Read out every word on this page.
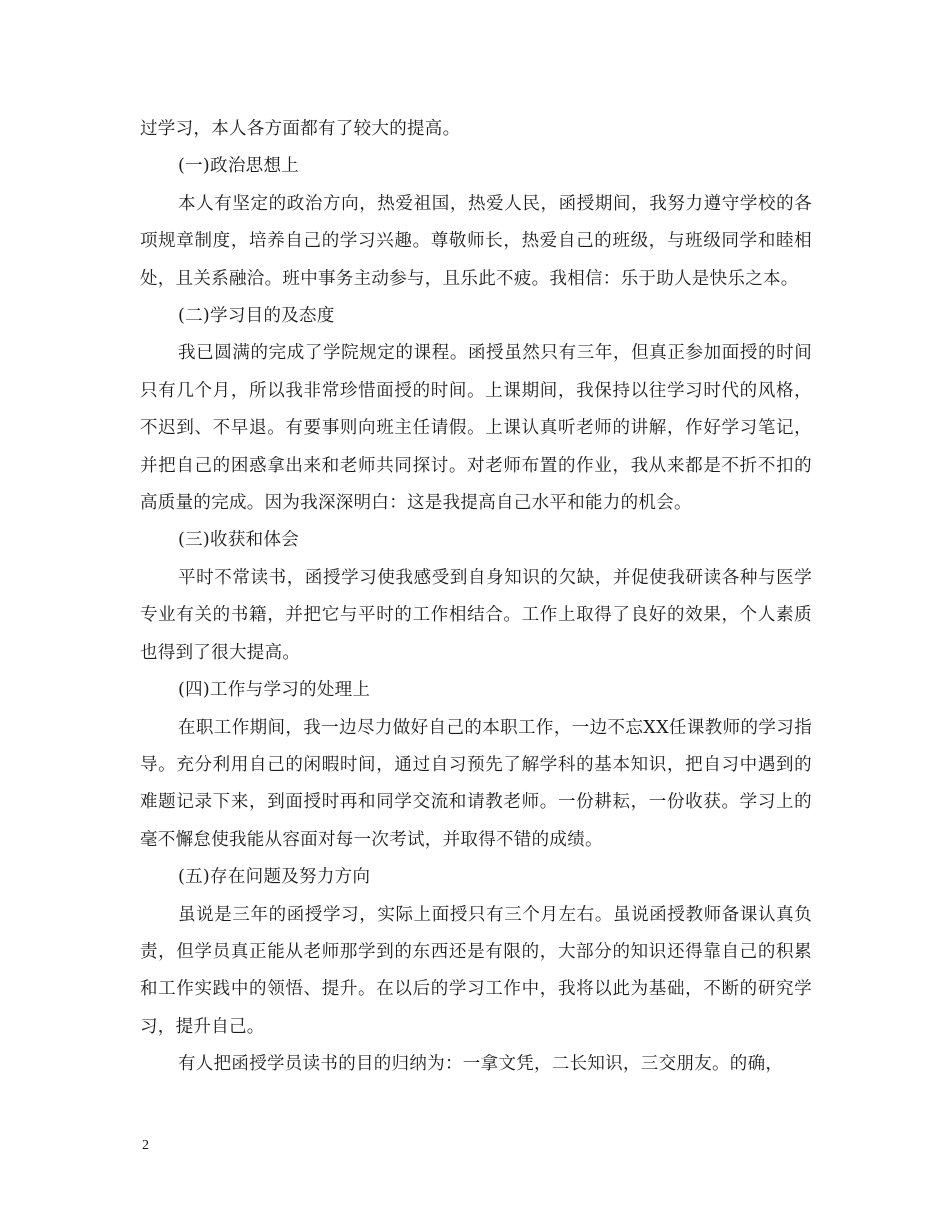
过学习，本人各方面都有了较大的提高。

(一)政治思想上

本人有坚定的政治方向，热爱祖国，热爱人民，函授期间，我努力遵守学校的各项规章制度，培养自己的学习兴趣。尊敬师长，热爱自己的班级，与班级同学和睦相处，且关系融洽。班中事务主动参与，且乐此不疲。我相信：乐于助人是快乐之本。

(二)学习目的及态度

我已圆满的完成了学院规定的课程。函授虽然只有三年，但真正参加面授的时间只有几个月，所以我非常珍惜面授的时间。上课期间，我保持以往学习时代的风格，不迟到、不早退。有要事则向班主任请假。上课认真听老师的讲解，作好学习笔记，并把自己的困惑拿出来和老师共同探讨。对老师布置的作业，我从来都是不折不扣的高质量的完成。因为我深深明白：这是我提高自己水平和能力的机会。

(三)收获和体会

平时不常读书，函授学习使我感受到自身知识的欠缺，并促使我研读各种与医学专业有关的书籍，并把它与平时的工作相结合。工作上取得了良好的效果，个人素质也得到了很大提高。

(四)工作与学习的处理上

在职工作期间，我一边尽力做好自己的本职工作，一边不忘XX任课教师的学习指导。充分利用自己的闲暇时间，通过自习预先了解学科的基本知识，把自习中遇到的难题记录下来，到面授时再和同学交流和请教老师。一份耕耘，一份收获。学习上的毫不懈怠使我能从容面对每一次考试，并取得不错的成绩。

(五)存在问题及努力方向

虽说是三年的函授学习，实际上面授只有三个月左右。虽说函授教师备课认真负责，但学员真正能从老师那学到的东西还是有限的，大部分的知识还得靠自己的积累和工作实践中的领悟、提升。在以后的学习工作中，我将以此为基础，不断的研究学习，提升自己。

有人把函授学员读书的目的归纳为：一拿文凭，二长知识，三交朋友。的确，

2
